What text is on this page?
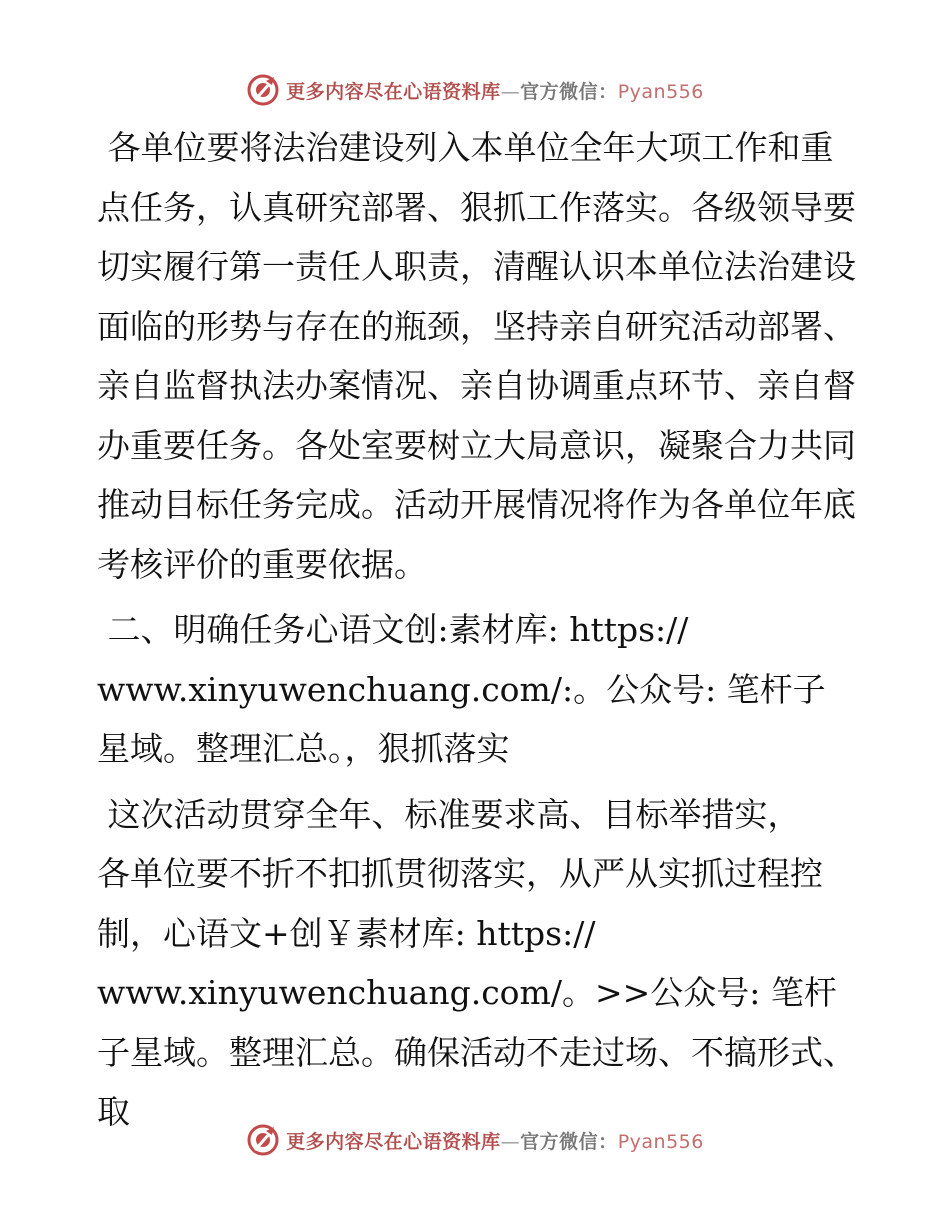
更多内容尽在心语资料库—官方微信：Pyan556

各单位要将法治建设列入本单位全年大项工作和重点任务，认真研究部署、狠抓工作落实。各级领导要切实履行第一责任人职责，清醒认识本单位法治建设面临的形势与存在的瓶颈，坚持亲自研究活动部署、亲自监督执法办案情况、亲自协调重点环节、亲自督办重要任务。各处室要树立大局意识，凝聚合力共同推动目标任务完成。活动开展情况将作为各单位年底考核评价的重要依据。

二、明确任务心语文创:素材库: https://
www.xinyuwenchuang.com/:。公众号: 笔杆子星域。整理汇总。，狠抓落实

这次活动贯穿全年、标准要求高、目标举措实，
各单位要不折不扣抓贯彻落实，从严从实抓过程控制，心语文+创￥素材库: https://
www.xinyuwenchuang.com/。>>公众号: 笔杆子星域。整理汇总。确保活动不走过场、不搞形式、取

更多内容尽在心语资料库—官方微信：Pyan556
